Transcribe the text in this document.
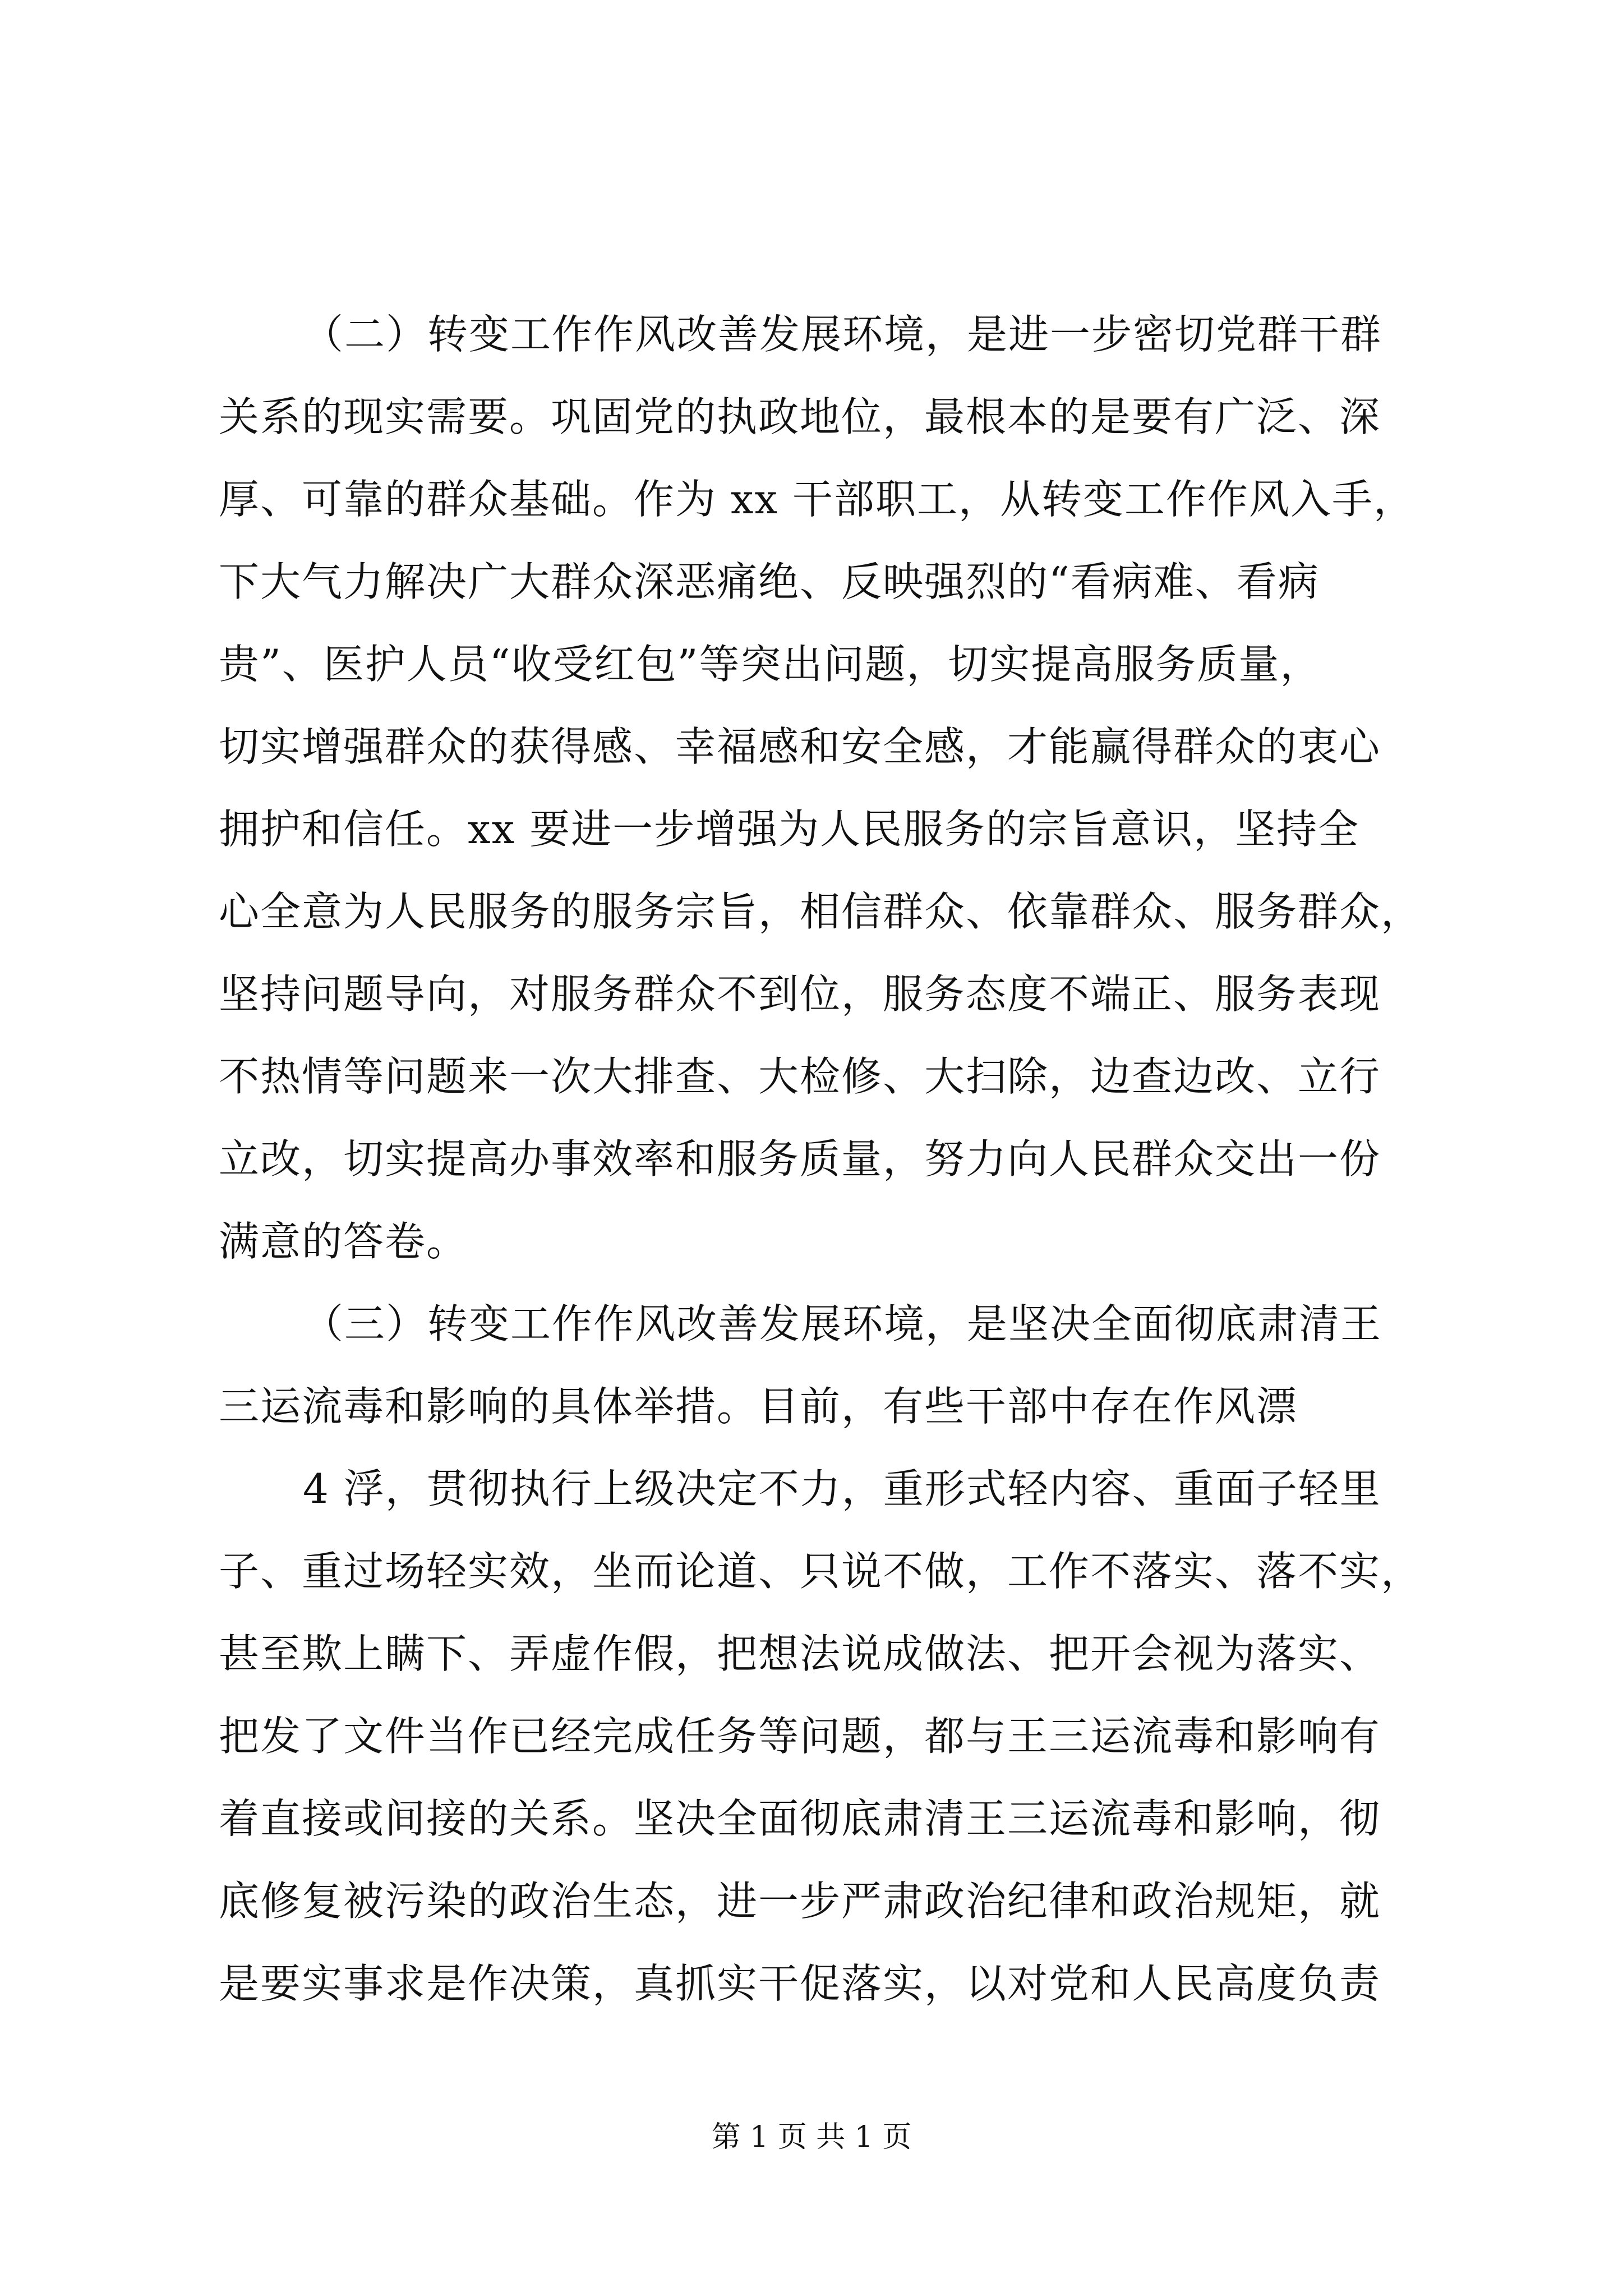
（二）转变工作作风改善发展环境，是进一步密切党群干群
关系的现实需要。巩固党的执政地位，最根本的是要有广泛、深
厚、可靠的群众基础。作为 xx 干部职工，从转变工作作风入手，
下大气力解决广大群众深恶痛绝、反映强烈的“看病难、看病
贵”、医护人员“收受红包”等突出问题，切实提高服务质量，
切实增强群众的获得感、幸福感和安全感，才能赢得群众的衷心
拥护和信任。xx 要进一步增强为人民服务的宗旨意识，坚持全
心全意为人民服务的服务宗旨，相信群众、依靠群众、服务群众，
坚持问题导向，对服务群众不到位，服务态度不端正、服务表现
不热情等问题来一次大排查、大检修、大扫除，边查边改、立行
立改，切实提高办事效率和服务质量，努力向人民群众交出一份
满意的答卷。
（三）转变工作作风改善发展环境，是坚决全面彻底肃清王
三运流毒和影响的具体举措。目前，有些干部中存在作风漂
4 浮，贯彻执行上级决定不力，重形式轻内容、重面子轻里
子、重过场轻实效，坐而论道、只说不做，工作不落实、落不实，
甚至欺上瞒下、弄虚作假，把想法说成做法、把开会视为落实、
把发了文件当作已经完成任务等问题，都与王三运流毒和影响有
着直接或间接的关系。坚决全面彻底肃清王三运流毒和影响，彻
底修复被污染的政治生态，进一步严肃政治纪律和政治规矩，就
是要实事求是作决策，真抓实干促落实，以对党和人民高度负责
第 1 页 共 1 页
